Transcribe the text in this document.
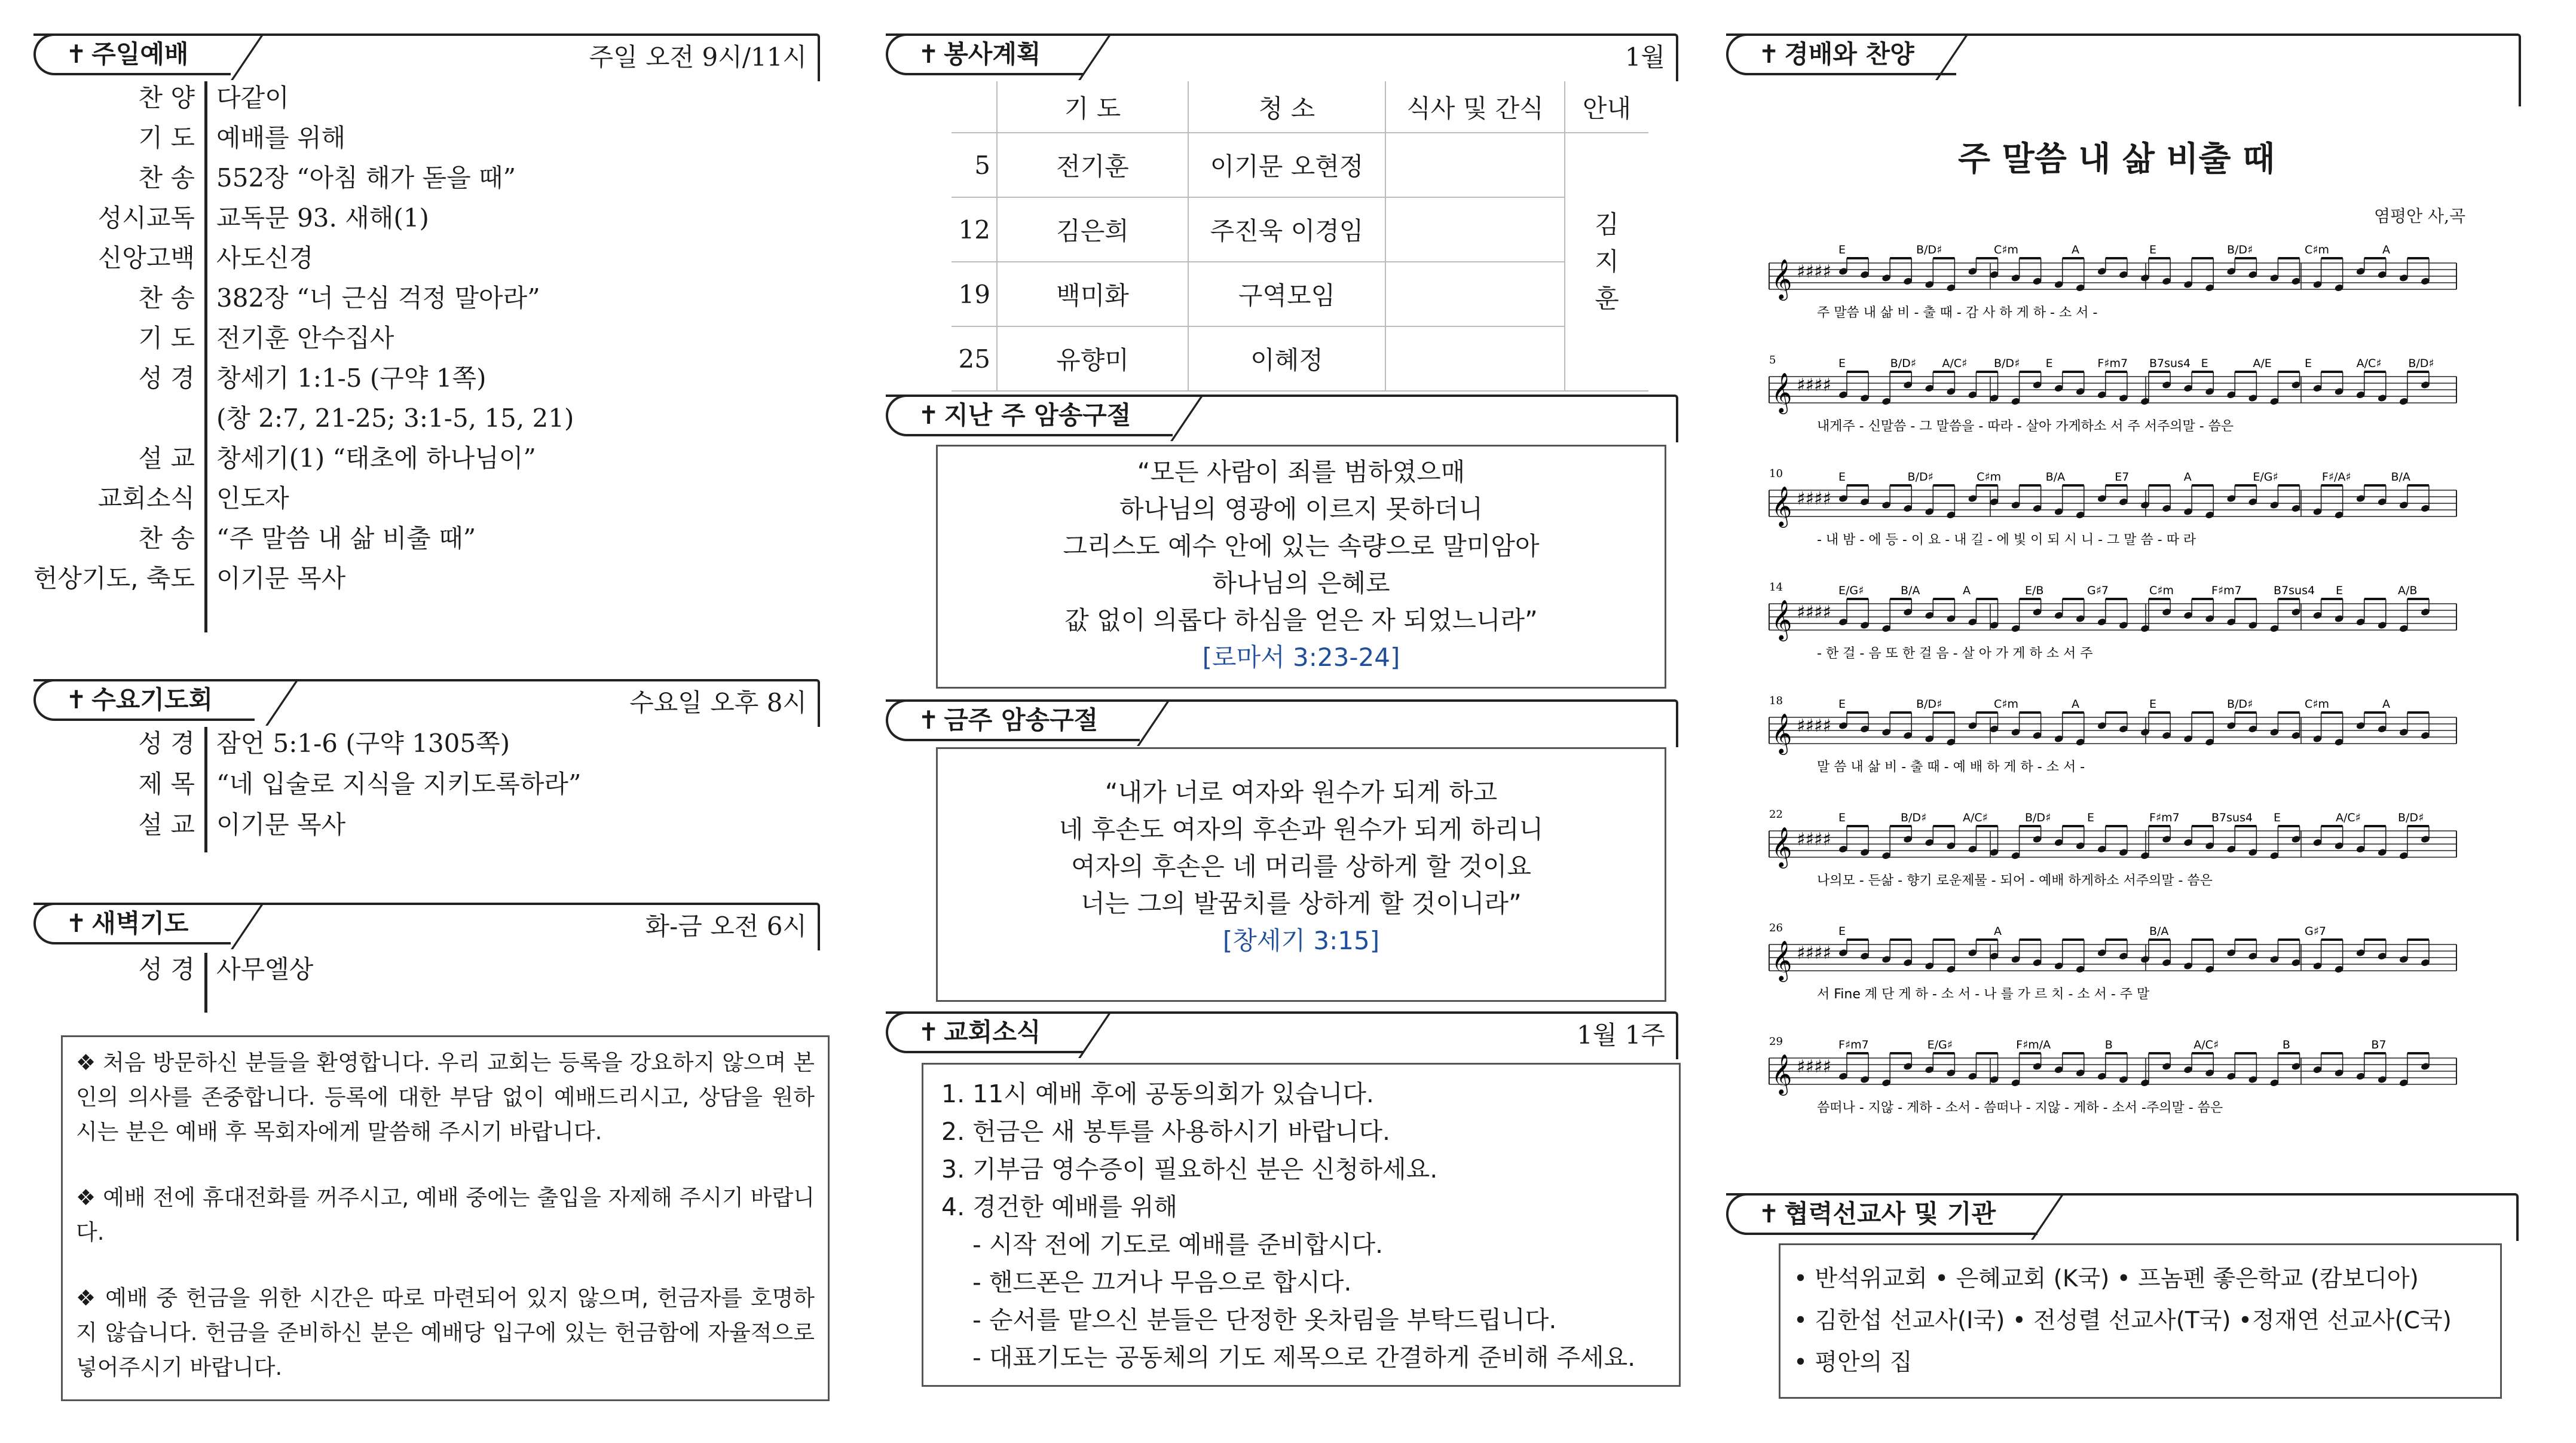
✝ 주일예배	주일 오전 9시/11시
찬 양 다같이
기 도 예배를 위해
찬 송 552장 “아침 해가 돋을 때”
성시교독 교독문 93. 새해(1)
신앙고백 사도신경
찬 송 382장 “너 근심 걱정 말아라”
기 도 전기훈 안수집사
성 경 창세기 1:1-5 (구약 1쪽)
(창 2:7, 21-25; 3:1-5, 15, 21)
설 교 창세기(1) “태초에 하나님이”
교회소식 인도자
찬 송 “주 말씀 내 삶 비출 때”
헌상기도, 축도 이기문 목사
✝ 수요기도회	수요일 오후 8시
성 경 잠언 5:1-6 (구약 1305쪽)
제 목 “네 입술로 지식을 지키도록하라”
설 교 이기문 목사
✝ 새벽기도	화-금 오전 6시
성 경 사무엘상

❖ 처음 방문하신 분들을 환영합니다. 우리 교회는 등록을 강요하지 않으며 본인의 의사를 존중합니다. 등록에 대한 부담 없이 예배드리시고, 상담을 원하시는 분은 예배 후 목회자에게 말씀해 주시기 바랍니다.

❖ 예배 전에 휴대전화를 꺼주시고, 예배 중에는 출입을 자제해 주시기 바랍니다.

❖ 예배 중 헌금을 위한 시간은 따로 마련되어 있지 않으며, 헌금자를 호명하지 않습니다. 헌금을 준비하신 분은 예배당 입구에 있는 헌금함에 자율적으로 넣어주시기 바랍니다.

✝ 봉사계획	1월
	기 도	청 소	식사 및 간식	안내
5	전기훈	이기문 오현정		김
지
훈

12	김은희	주진욱 이경임		
19	백미화	구역모임		
25	유향미	이혜정		
✝ 지난 주 암송구절
“모든 사람이 죄를 범하였으매
하나님의 영광에 이르지 못하더니
그리스도 예수 안에 있는 속량으로 말미암아
하나님의 은혜로
값 없이 의롭다 하심을 얻은 자 되었느니라”
[로마서 3:23-24]
✝ 금주 암송구절
“내가 너로 여자와 원수가 되게 하고
네 후손도 여자의 후손과 원수가 되게 하리니
여자의 후손은 네 머리를 상하게 할 것이요
너는 그의 발꿈치를 상하게 할 것이니라”
[창세기 3:15]
✝ 교회소식	1월 1주
1. 11시 예배 후에 공동의회가 있습니다.
2. 헌금은 새 봉투를 사용하시기 바랍니다.
3. 기부금 영수증이 필요하신 분은 신청하세요.
4. 경건한 예배를 위해
- 시작 전에 기도로 예배를 준비합시다.
- 핸드폰은 끄거나 무음으로 합시다.
- 순서를 맡으신 분들은 단정한 옷차림을 부탁드립니다.
- 대표기도는 공동체의 기도 제목으로 간결하게 준비해 주세요.
✝ 경배와 찬양
주 말씀 내 삶 비출 때
염평안 사,곡
𝄞 ♯♯♯♯
E	B/D♯	C♯m	A	E	B/D♯	C♯m	A
주 말씀 내 삶 비 - 출 때 - 감 사 하 게 하 - 소 서 -
𝄞 ♯♯♯♯
5	E	B/D♯ A/C♯ B/D♯ E	F♯m7 B7sus4 E	A/E	E	A/C♯ B/D♯
내게주 - 신말씀 - 그 말씀을 - 따라 - 살아 가게하소 서 주 서주의말 - 씀은
𝄞 ♯♯♯♯
10	E	B/D♯	C♯m	B/A	E7	A	E/G♯	F♯/A♯	B/A
- 내 밤 - 에 등 - 이 요 - 내 길 - 에 빛 이 되 시 니 - 그 말 씀 - 따 라
𝄞 ♯♯♯♯
14	E/G♯	B/A	A	E/B	G♯7	C♯m	F♯m7	B7sus4 E	A/B
- 한 걸 - 음 또 한 걸 음 - 살 아 가 게 하 소 서 주
𝄞 ♯♯♯♯
18	E	B/D♯	C♯m	A	E	B/D♯	C♯m	A
말 씀 내 삶 비 - 출 때 - 예 배 하 게 하 - 소 서 -
𝄞 ♯♯♯♯
22	E	B/D♯	A/C♯	B/D♯	E	F♯m7	B7sus4 E	A/C♯	B/D♯
나의모 - 든삶 - 향기 로운제물 - 되어 - 예배 하게하소 서주의말 - 씀은
𝄞 ♯♯♯♯
26	E	A	B/A	G♯7
서 Fine 계 단 게 하 - 소 서 - 나 를 가 르 치 - 소 서 - 주 말
𝄞 ♯♯♯♯
29	F♯m7	E/G♯	F♯m/A	B	A/C♯	B	B7
씀떠나 - 지않 - 게하 - 소서 - 씀떠나 - 지않 - 게하 - 소서 -주의말 - 씀은
✝ 협력선교사 및 기관
• 반석위교회 • 은혜교회 (K국) • 프놈펜 좋은학교 (캄보디아)
• 김한섭 선교사(I국) • 전성렬 선교사(T국) •정재연 선교사(C국)
• 평안의 집
